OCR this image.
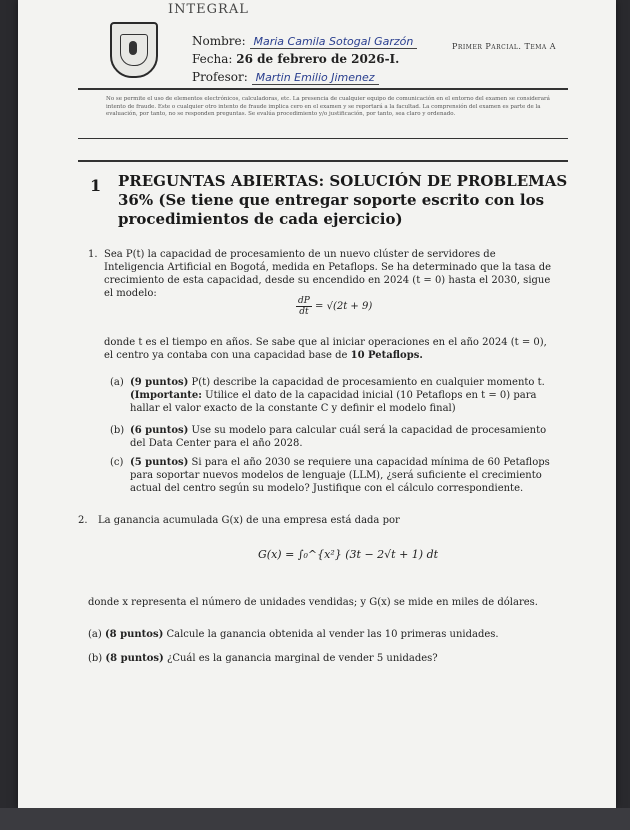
INTEGRAL
Primer Parcial. Tema A
Nombre: Maria Camila Sotogal Garzón
Fecha: 26 de febrero de 2026-I.
Profesor: Martin Emilio Jimenez
No se permite el uso de elementos electrónicos, calculadoras, etc. La presencia de cualquier equipo de comunicación en el entorno del examen se considerará intento de fraude. Este o cualquier otro intento de fraude implica cero en el examen y se reportará a la facultad. La comprensión del examen es parte de la evaluación, por tanto, no se responden preguntas. Se evalúa procedimiento y/o justificación, por tanto, sea claro y ordenado.
1 PREGUNTAS ABIERTAS: SOLUCIÓN DE PROBLEMAS 36% (Se tiene que entregar soporte escrito con los procedimientos de cada ejercicio)
1. Sea P(t) la capacidad de procesamiento de un nuevo clúster de servidores de Inteligencia Artificial en Bogotá, medida en Petaflops. Se ha determinado que la tasa de crecimiento de esta capacidad, desde su encendido en 2024 (t = 0) hasta el 2030, sigue el modelo:
$\frac{dP}{dt} = √(2t + 9)$
donde t es el tiempo en años. Se sabe que al iniciar operaciones en el año 2024 (t = 0), el centro ya contaba con una capacidad base de 10 Petaflops.
(a) (9 puntos) P(t) describe la capacidad de procesamiento en cualquier momento t.
(Importante: Utilice el dato de la capacidad inicial (10 Petaflops en t = 0) para hallar el valor exacto de la constante C y definir el modelo final)
(b) (6 puntos) Use su modelo para calcular cuál será la capacidad de procesamiento del Data Center para el año 2028.
(c) (5 puntos) Si para el año 2030 se requiere una capacidad mínima de 60 Petaflops para soportar nuevos modelos de lenguaje (LLM), ¿será suficiente el crecimiento actual del centro según su modelo? Justifique con el cálculo correspondiente.
2. La ganancia acumulada G(x) de una empresa está dada por
G(x) = ∫₀^{x²} (3t − 2√t + 1) dt
donde x representa el número de unidades vendidas; y G(x) se mide en miles de dólares.
(a) (8 puntos) Calcule la ganancia obtenida al vender las 10 primeras unidades.
(b) (8 puntos) ¿Cuál es la ganancia marginal de vender 5 unidades?
